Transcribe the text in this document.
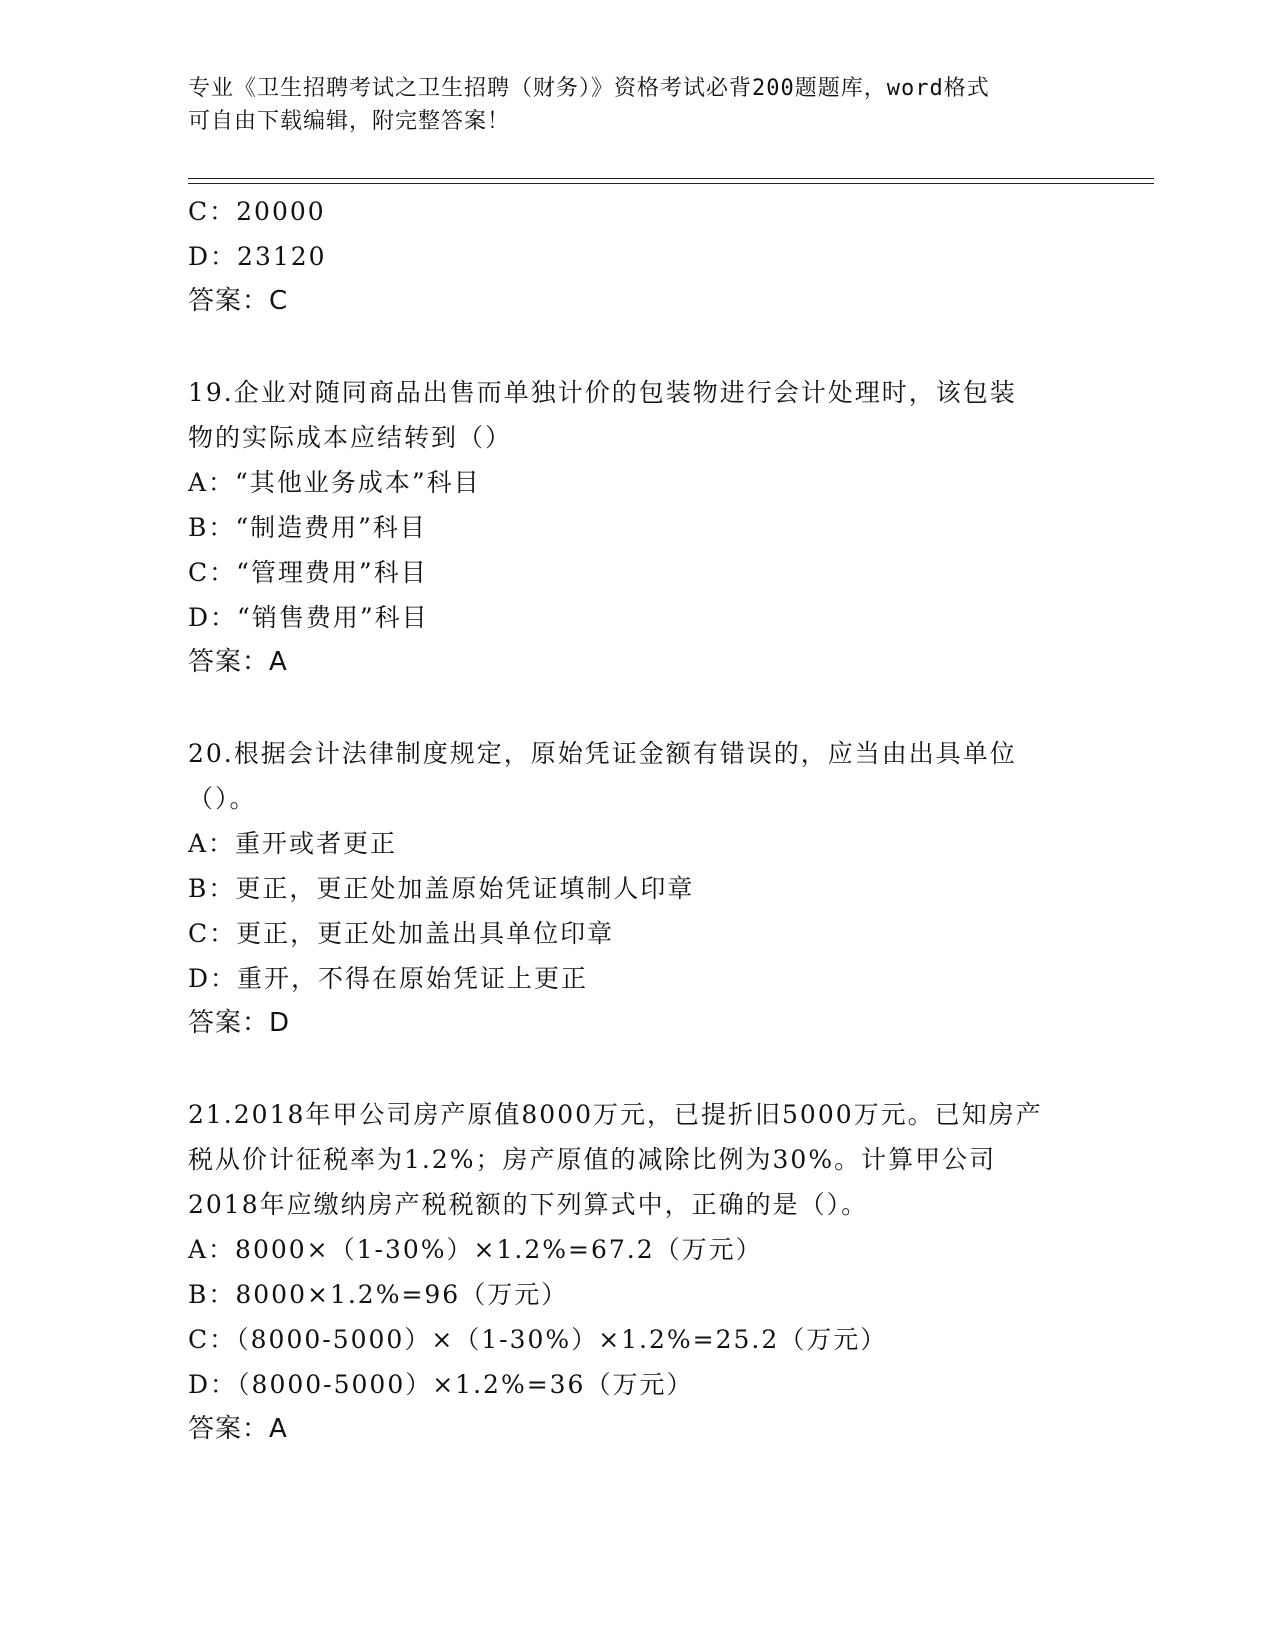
专业《卫生招聘考试之卫生招聘（财务）》资格考试必背200题题库，word格式
可自由下载编辑，附完整答案！
C：20000
D：23120
答案：C
19.企业对随同商品出售而单独计价的包装物进行会计处理时，该包装
物的实际成本应结转到（）
A：“其他业务成本”科目
B：“制造费用”科目
C：“管理费用”科目
D：“销售费用”科目
答案：A
20.根据会计法律制度规定，原始凭证金额有错误的，应当由出具单位
（）。
A：重开或者更正
B：更正，更正处加盖原始凭证填制人印章
C：更正，更正处加盖出具单位印章
D：重开，不得在原始凭证上更正
答案：D
21.2018年甲公司房产原值8000万元，已提折旧5000万元。已知房产
税从价计征税率为1.2%；房产原值的减除比例为30%。计算甲公司
2018年应缴纳房产税税额的下列算式中，正确的是（）。
A：8000×（1-30%）×1.2%=67.2（万元）
B：8000×1.2%=96（万元）
C：（8000-5000）×（1-30%）×1.2%=25.2（万元）
D：（8000-5000）×1.2%=36（万元）
答案：A
